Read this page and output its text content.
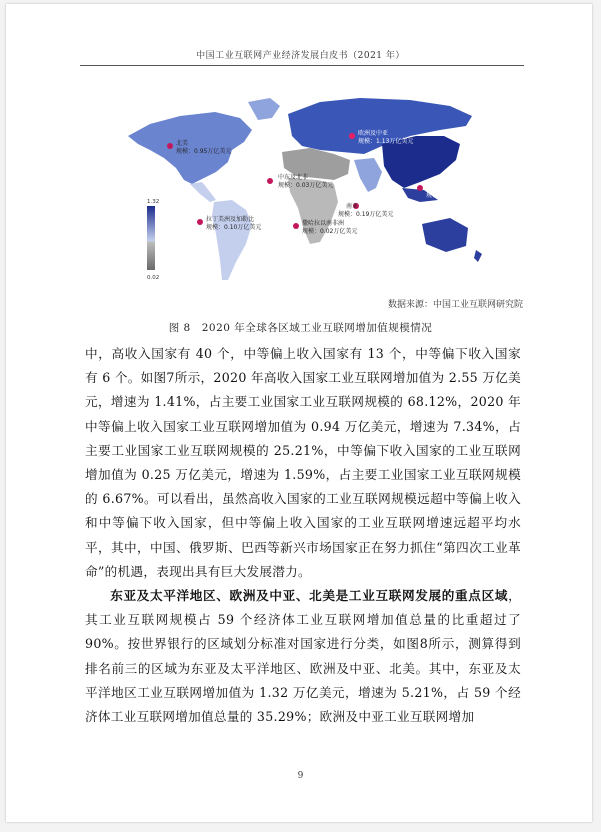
中国工业互联网产业经济发展白皮书（2021 年）
1.32
0.02
北美
规模：0.95万亿美元
欧洲及中亚
规模：1.13万亿美元
中东及北非
规模：0.03万亿美元	东亚及太平洋
规模：1.32万亿美元
南亚
规模：0.19万亿美元
拉丁美洲及加勒比
规模：0.10万亿美元
撒哈拉以南非洲
规模：0.02万亿美元
数据来源：中国工业互联网研究院
图 8　2020 年全球各区域工业互联网增加值规模情况

中，高收入国家有 40 个，中等偏上收入国家有 13 个，中等偏下收入国家有 6 个。如图7所示，2020 年高收入国家工业互联网增加值为 2.55 万亿美元，增速为 1.41%，占主要工业国家工业互联网规模的 68.12%，2020 年中等偏上收入国家工业互联网增加值为 0.94 万亿美元，增速为 7.34%，占主要工业国家工业互联网规模的 25.21%，中等偏下收入国家的工业互联网增加值为 0.25 万亿美元，增速为 1.59%，占主要工业国家工业互联网规模的 6.67%。可以看出，虽然高收入国家的工业互联网规模远超中等偏上收入和中等偏下收入国家，但中等偏上收入国家的工业互联网增速远超平均水平，其中，中国、俄罗斯、巴西等新兴市场国家正在努力抓住“第四次工业革命”的机遇，表现出具有巨大发展潜力。

东亚及太平洋地区、欧洲及中亚、北美是工业互联网发展的重点区域，其工业互联网规模占 59 个经济体工业互联网增加值总量的比重超过了 90%。按世界银行的区域划分标准对国家进行分类，如图8所示，测算得到排名前三的区域为东亚及太平洋地区、欧洲及中亚、北美。其中，东亚及太平洋地区工业互联网增加值为 1.32 万亿美元，增速为 5.21%，占 59 个经济体工业互联网增加值总量的 35.29%；欧洲及中亚工业互联网增加

9
